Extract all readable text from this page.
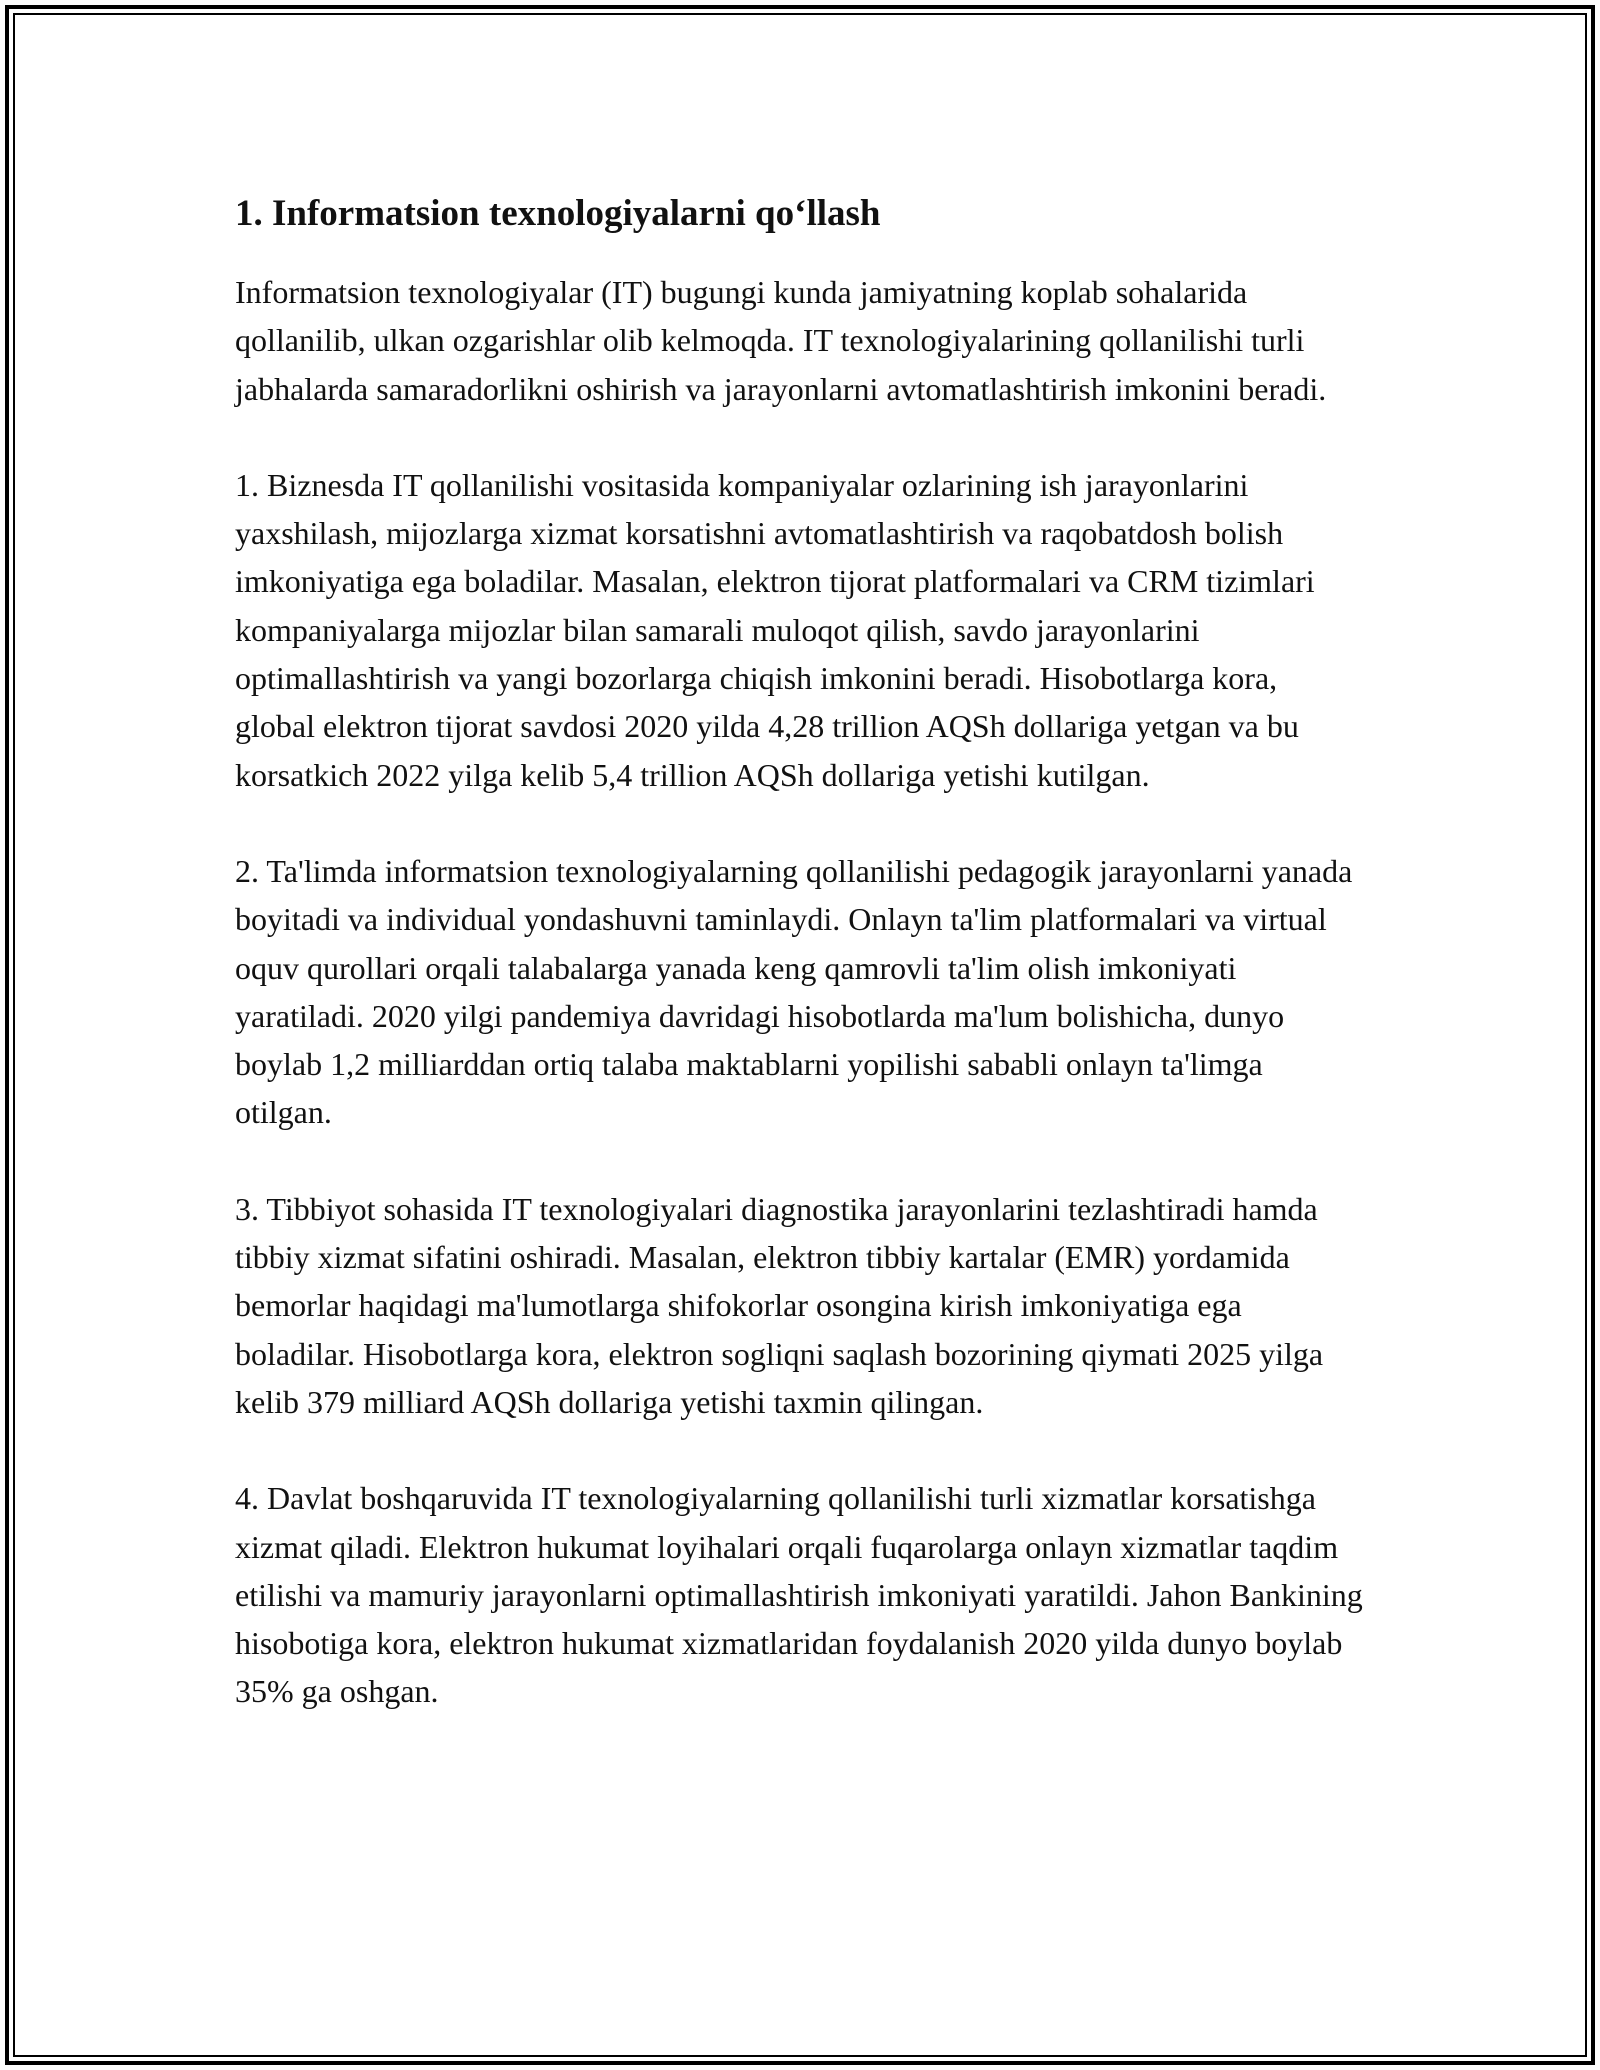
1. Informatsion texnologiyalarni qo‘llash

Informatsion texnologiyalar (IT) bugungi kunda jamiyatning koplab sohalarida qollanilib, ulkan ozgarishlar olib kelmoqda. IT texnologiyalarining qollanilishi turli jabhalarda samaradorlikni oshirish va jarayonlarni avtomatlashtirish imkonini beradi.

1. Biznesda IT qollanilishi vositasida kompaniyalar ozlarining ish jarayonlarini yaxshilash, mijozlarga xizmat korsatishni avtomatlashtirish va raqobatdosh bolish imkoniyatiga ega boladilar. Masalan, elektron tijorat platformalari va CRM tizimlari kompaniyalarga mijozlar bilan samarali muloqot qilish, savdo jarayonlarini optimallashtirish va yangi bozorlarga chiqish imkonini beradi. Hisobotlarga kora, global elektron tijorat savdosi 2020 yilda 4,28 trillion AQSh dollariga yetgan va bu korsatkich 2022 yilga kelib 5,4 trillion AQSh dollariga yetishi kutilgan.

2. Ta'limda informatsion texnologiyalarning qollanilishi pedagogik jarayonlarni yanada boyitadi va individual yondashuvni taminlaydi. Onlayn ta'lim platformalari va virtual oquv qurollari orqali talabalarga yanada keng qamrovli ta'lim olish imkoniyati yaratiladi. 2020 yilgi pandemiya davridagi hisobotlarda ma'lum bolishicha, dunyo boylab 1,2 milliarddan ortiq talaba maktablarni yopilishi sababli onlayn ta'limga otilgan.

3. Tibbiyot sohasida IT texnologiyalari diagnostika jarayonlarini tezlashtiradi hamda tibbiy xizmat sifatini oshiradi. Masalan, elektron tibbiy kartalar (EMR) yordamida bemorlar haqidagi ma'lumotlarga shifokorlar osongina kirish imkoniyatiga ega boladilar. Hisobotlarga kora, elektron sogliqni saqlash bozorining qiymati 2025 yilga kelib 379 milliard AQSh dollariga yetishi taxmin qilingan.

4. Davlat boshqaruvida IT texnologiyalarning qollanilishi turli xizmatlar korsatishga xizmat qiladi. Elektron hukumat loyihalari orqali fuqarolarga onlayn xizmatlar taqdim etilishi va mamuriy jarayonlarni optimallashtirish imkoniyati yaratildi. Jahon Bankining hisobotiga kora, elektron hukumat xizmatlaridan foydalanish 2020 yilda dunyo boylab 35% ga oshgan.
